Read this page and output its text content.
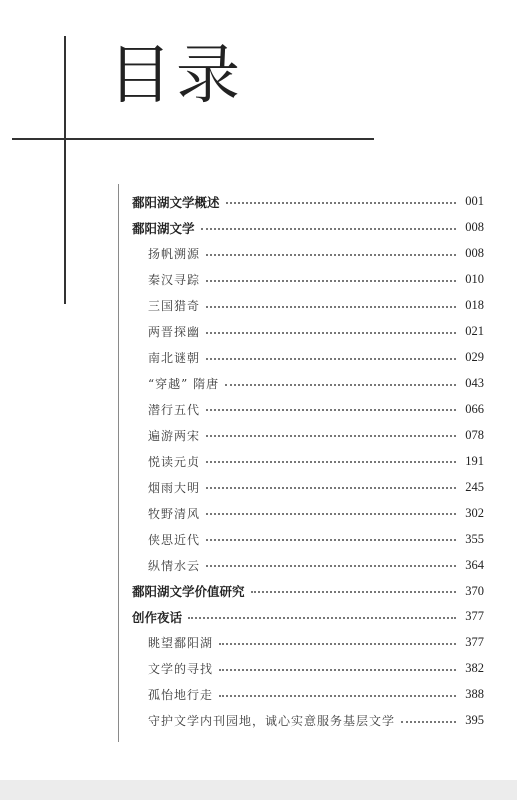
目录
鄱阳湖文学概述	001
鄱阳湖文学	008
扬帆溯源	008
秦汉寻踪	010
三国猎奇	018
两晋探幽	021
南北谜朝	029
“穿越” 隋唐	043
潜行五代	066
遍游两宋	078
悦读元贞	191
烟雨大明	245
牧野清风	302
侠思近代	355
纵情水云	364
鄱阳湖文学价值研究	370
创作夜话	377
眺望鄱阳湖	377
文学的寻找	382
孤怡地行走	388
守护文学内刊园地，诚心实意服务基层文学	395
